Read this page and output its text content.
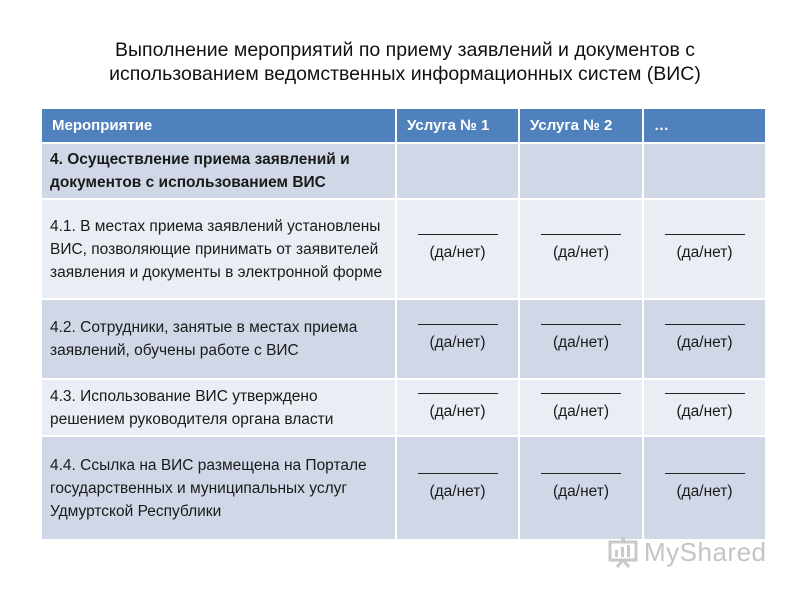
Выполнение мероприятий по приему заявлений и документов с
использованием ведомственных информационных систем (ВИС)
Мероприятие	Услуга № 1	Услуга № 2	…
4. Осуществление приема заявлений и документов с использованием ВИС			
4.1. В местах приема заявлений установлены ВИС, позволяющие принимать от заявителей заявления и документы в электронной форме	(да/нет)	(да/нет)	(да/нет)

4.2. Сотрудники, занятые в местах приема заявлений, обучены работе с ВИС	(да/нет)	(да/нет)	(да/нет)

4.3. Использование ВИС утверждено решением руководителя органа власти	(да/нет)	(да/нет)	(да/нет)

4.4. Ссылка на ВИС размещена на Портале государственных и муниципальных услуг Удмуртской Республики	(да/нет)	(да/нет)	(да/нет)
MyShared
